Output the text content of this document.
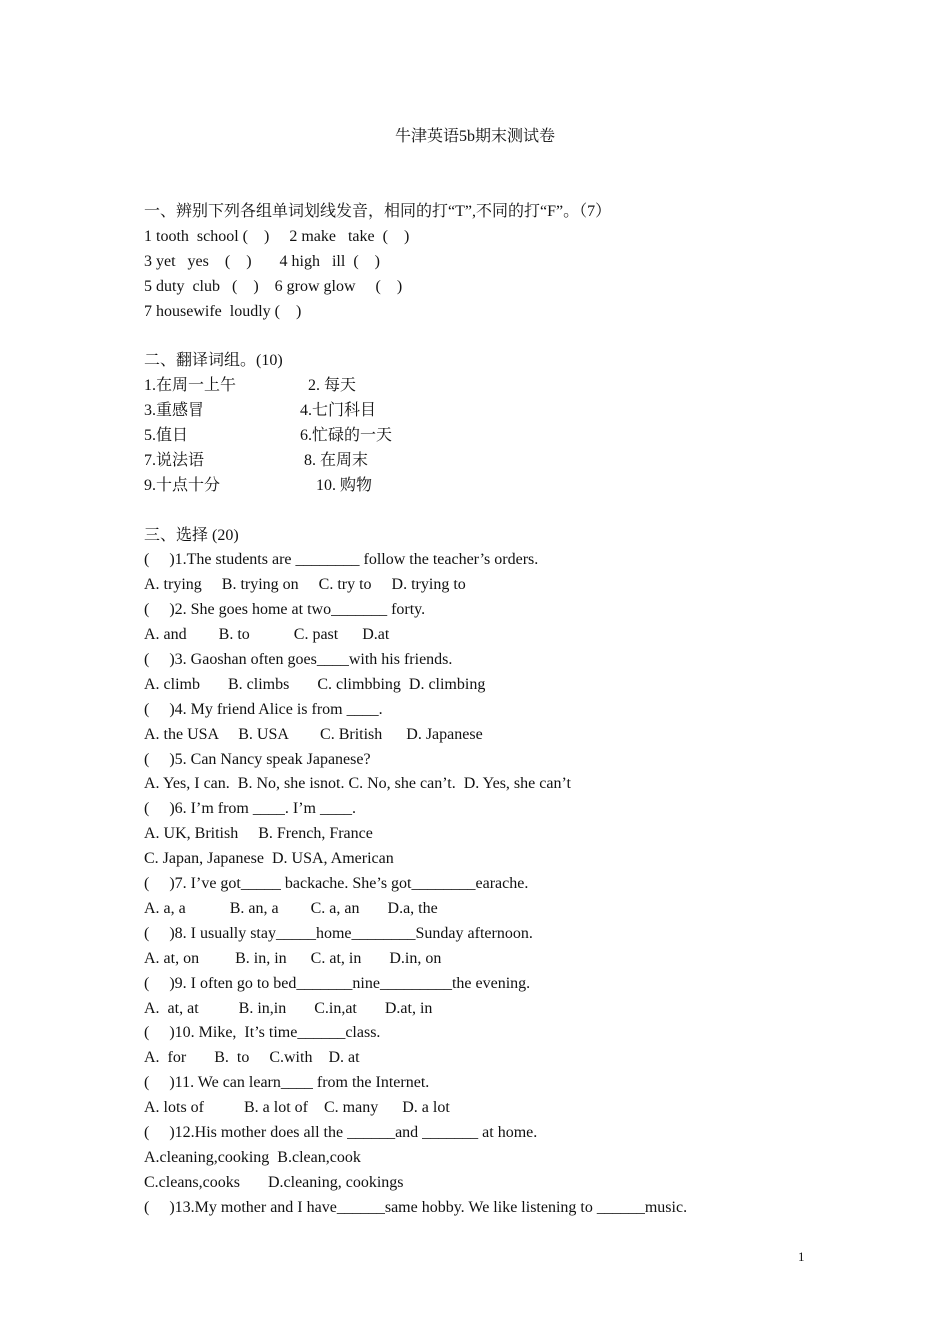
牛津英语5b期末测试卷
一、辨别下列各组单词划线发音，相同的打“T”,不同的打“F”。（7）
1 tooth  school (    )     2 make   take  (    )
3 yet   yes    (    )       4 high   ill  (    )
5 duty  club   (    )    6 grow glow     (    )
7 housewife  loudly (    )
二、翻译词组。(10)
1.在周一上午                  2. 每天
3.重感冒                        4.七门科目
5.值日                            6.忙碌的一天
7.说法语                         8. 在周末
9.十点十分                        10. 购物
三、选择 (20)
(     )1.The students are ________ follow the teacher’s orders.
A. trying     B. trying on     C. try to     D. trying to
(     )2. She goes home at two_______ forty.
A. and        B. to           C. past      D.at
(     )3. Gaoshan often goes____with his friends.
A. climb       B. climbs       C. climbbing  D. climbing
(     )4. My friend Alice is from ____.
A. the USA     B. USA        C. British      D. Japanese
(     )5. Can Nancy speak Japanese?
A. Yes, I can.  B. No, she isnot. C. No, she can’t.  D. Yes, she can’t
(     )6. I’m from ____. I’m ____.
A. UK, British     B. French, France
C. Japan, Japanese  D. USA, American
(     )7. I’ve got_____ backache. She’s got________earache.
A. a, a           B. an, a        C. a, an       D.a, the
(     )8. I usually stay_____home________Sunday afternoon.
A. at, on         B. in, in      C. at, in       D.in, on
(     )9. I often go to bed_______nine_________the evening.
A.  at, at          B. in,in       C.in,at       D.at, in
(     )10. Mike,  It’s time______class.
A.  for       B.  to     C.with    D. at
(     )11. We can learn____ from the Internet.
A. lots of          B. a lot of    C. many      D. a lot
(     )12.His mother does all the ______and _______ at home.
A.cleaning,cooking  B.clean,cook
C.cleans,cooks       D.cleaning, cookings
(     )13.My mother and I have______same hobby. We like listening to ______music.
1
